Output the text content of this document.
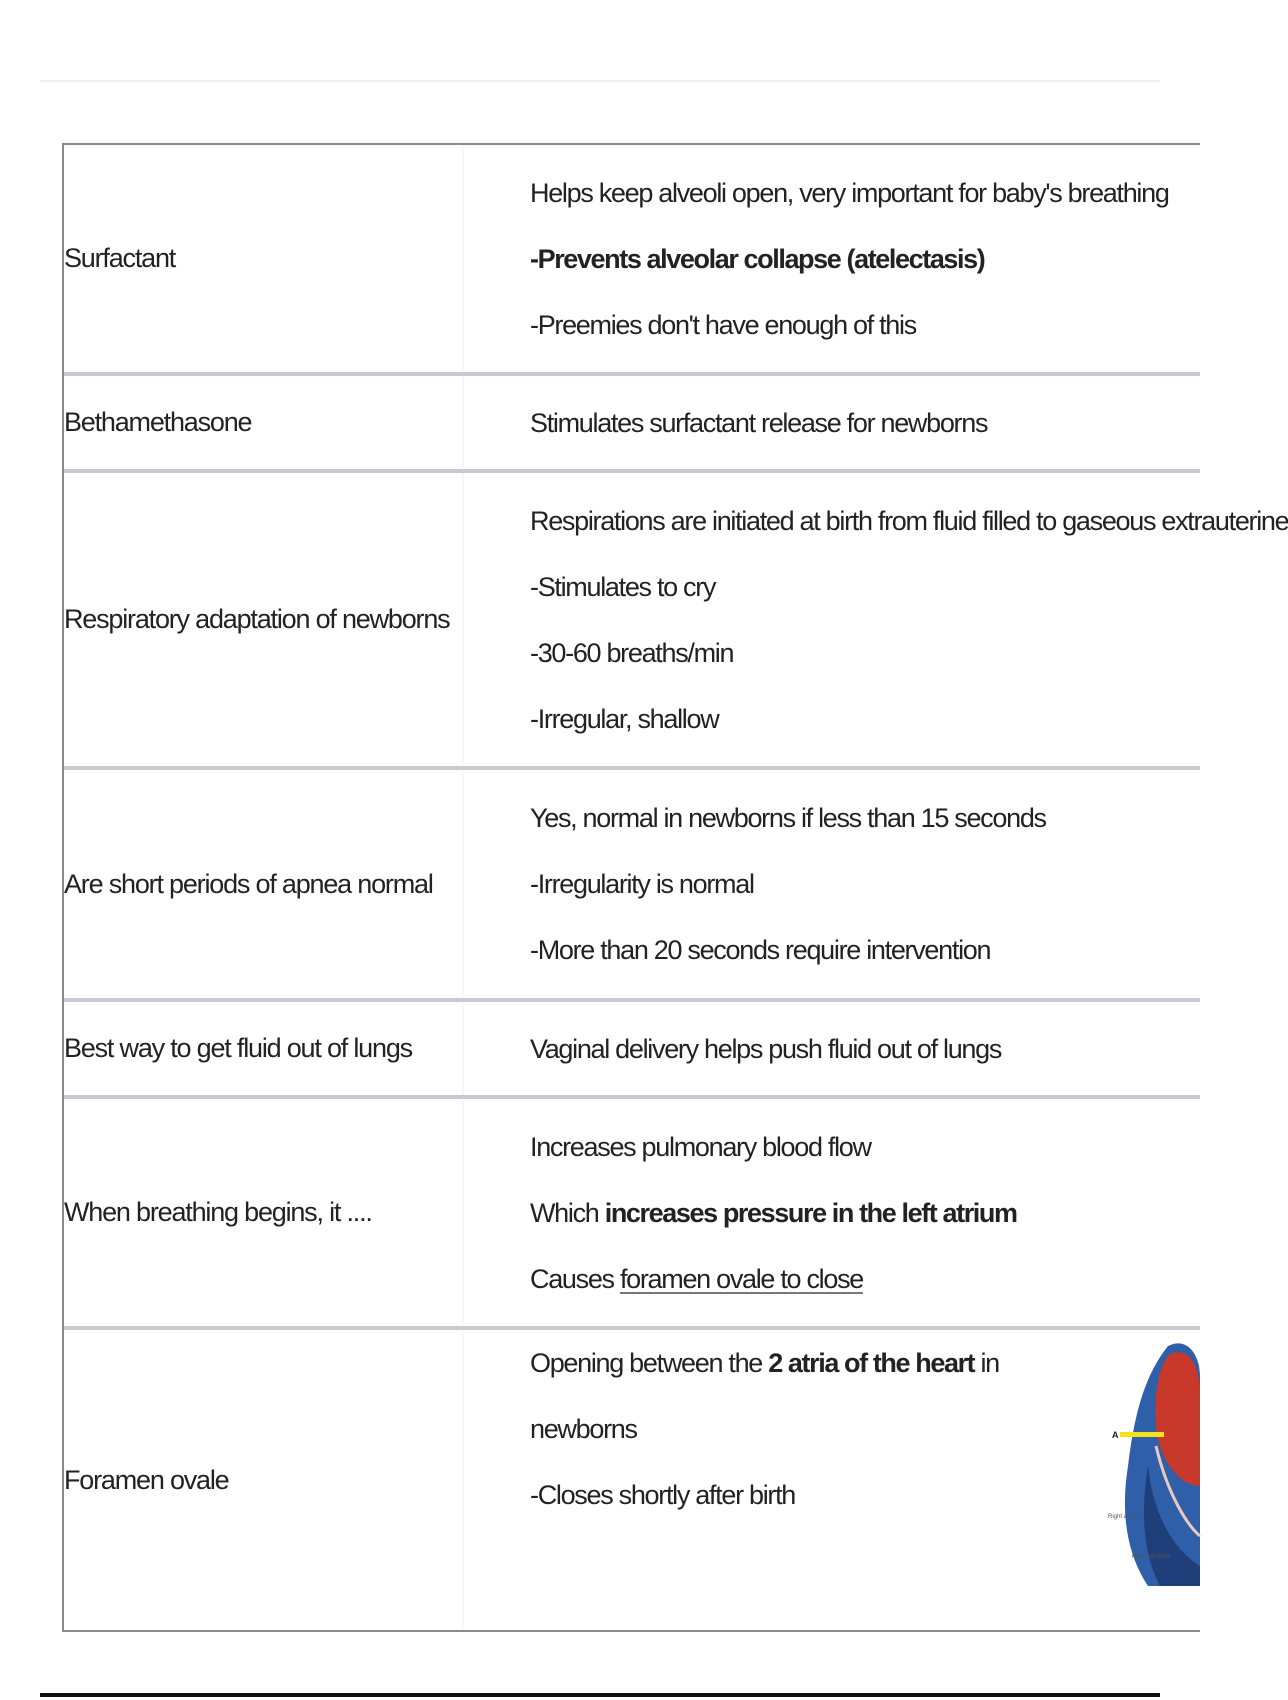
Surfactant
Helps keep alveoli open, very important for baby's breathing
-Prevents alveolar collapse (atelectasis)
-Preemies don't have enough of this
Bethamethasone	Stimulates surfactant release for newborns
Respiratory adaptation of newborns
Respirations are initiated at birth from fluid filled to gaseous extrauterine
-Stimulates to cry
-30-60 breaths/min
-Irregular, shallow
Are short periods of apnea normal
Yes, normal in newborns if less than 15 seconds
-Irregularity is normal
-More than 20 seconds require intervention
Best way to get fluid out of lungs	Vaginal delivery helps push fluid out of lungs
When breathing begins, it ....
Increases pulmonary blood flow
Which increases pressure in the left atrium
Causes foramen ovale to close
Foramen ovale
Opening between the 2 atria of the heart in
newborns
-Closes shortly after birth
A
Right atrium
Right ventricle
